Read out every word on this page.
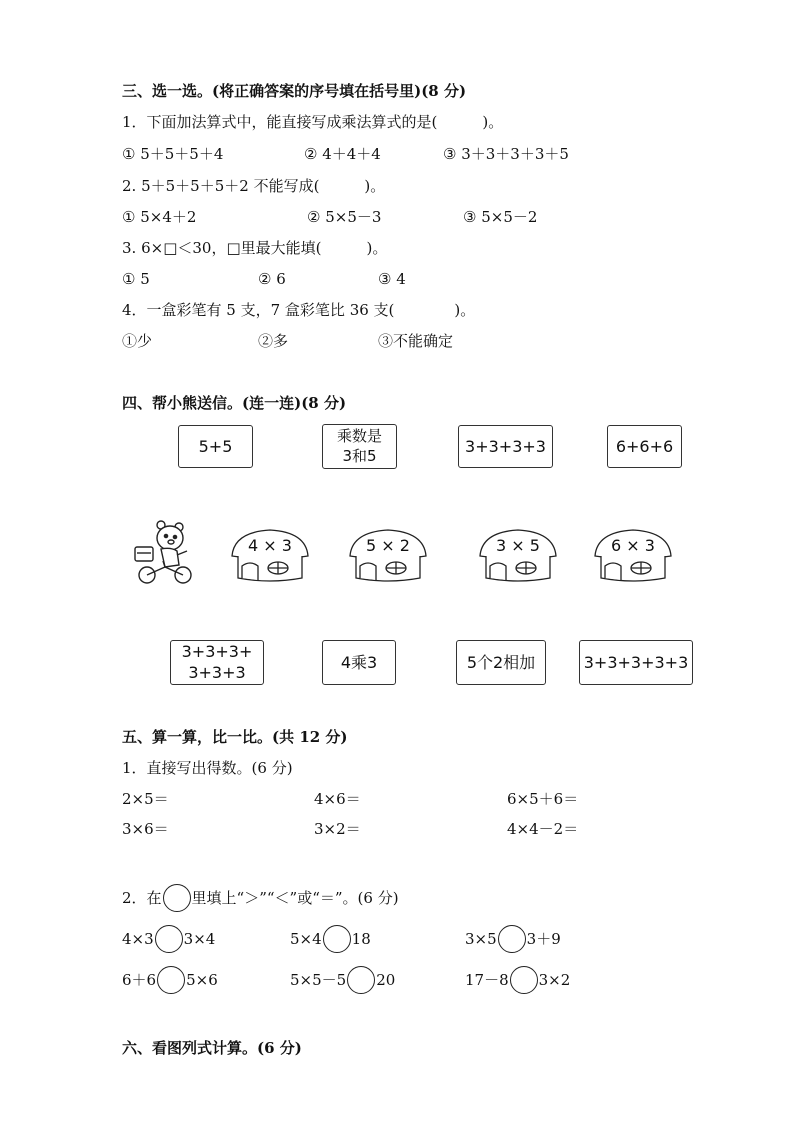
三、选一选。(将正确答案的序号填在括号里)(8 分)
1．下面加法算式中，能直接写成乘法算式的是(　　　)。
① 5＋5＋5＋4	② 4＋4＋4	③ 3＋3＋3＋3＋5
2. 5＋5＋5＋5＋2 不能写成(　　　)。
① 5×4＋2	② 5×5－3	③ 5×5－2
3. 6×□＜30，□里最大能填(　　　)。
① 5	② 6	③ 4
4．一盒彩笔有 5 支，7 盒彩笔比 36 支(　　　　)。
①少	②多	③不能确定
四、帮小熊送信。(连一连)(8 分)
5+5
乘数是
3和5	3+3+3+3	6+6+6
4 × 3	5 × 2	3 × 5	6 × 3
3+3+3+
3+3+3
4乘3	5个2相加	3+3+3+3+3
五、算一算，比一比。(共 12 分)
1．直接写出得数。(6 分)
2×5＝	4×6＝	6×5＋6＝
3×6＝	3×2＝	4×4－2＝
2．在 里填上“＞”“＜”或“＝”。(6 分)
4×3 3×4	5×4 18	3×5 3＋9
6＋6 5×6	5×5－5 20	17－8 3×2
六、看图列式计算。(6 分)
